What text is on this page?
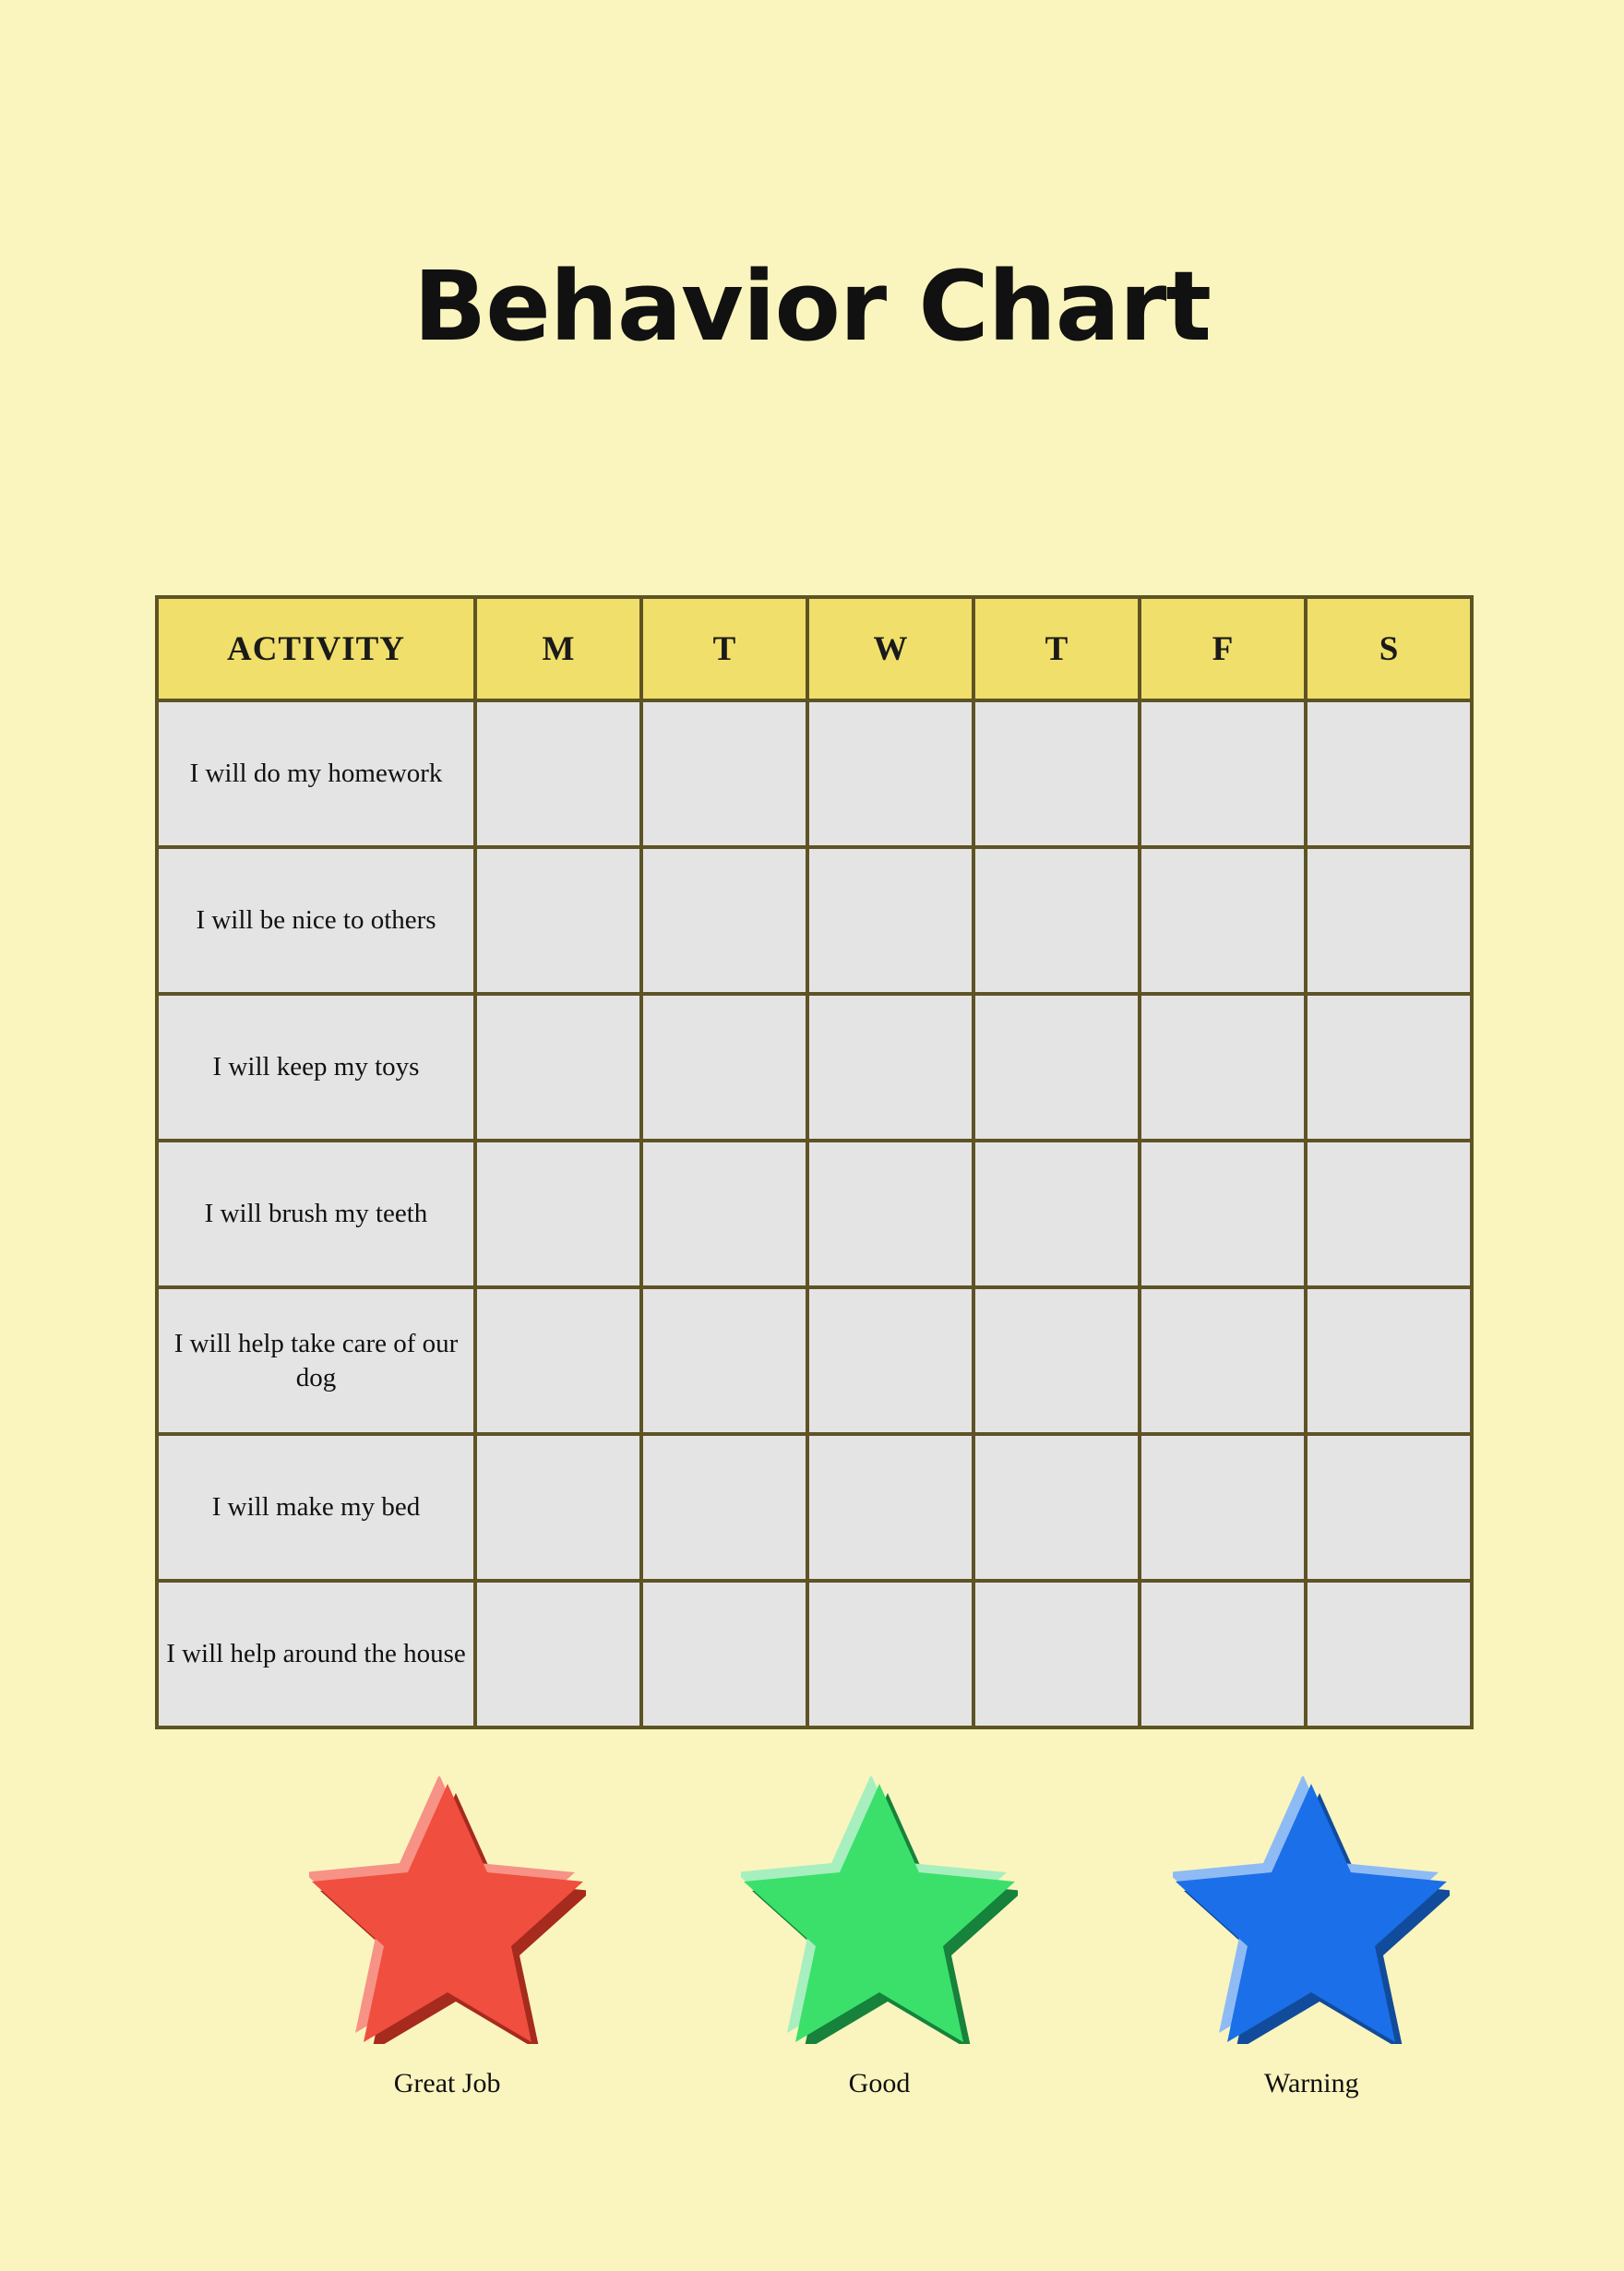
Behavior Chart
ACTIVITY	M	T	W	T	F	S
I will do my homework						
I will be nice to others						
I will keep my toys						
I will brush my teeth						
I will help take care of our dog						
I will make my bed						
I will help around the house						
Great Job	Good	Warning
